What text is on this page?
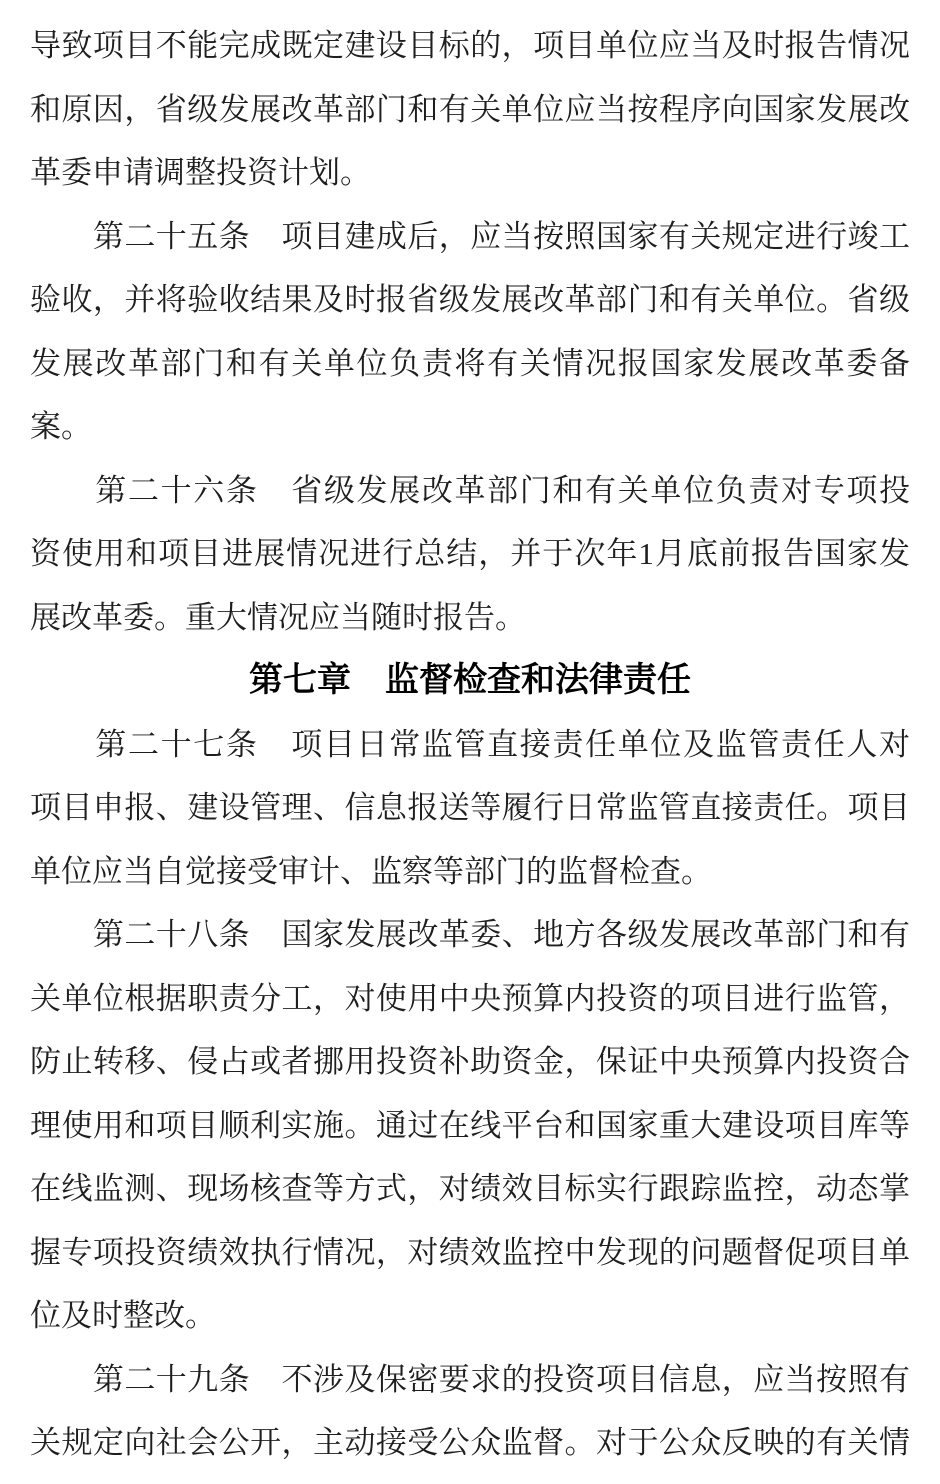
导致项目不能完成既定建设目标的，项目单位应当及时报告情况
和原因，省级发展改革部门和有关单位应当按程序向国家发展改
革委申请调整投资计划。
　　第二十五条　项目建成后，应当按照国家有关规定进行竣工
验收，并将验收结果及时报省级发展改革部门和有关单位。省级
发展改革部门和有关单位负责将有关情况报国家发展改革委备
案。
　　第二十六条　省级发展改革部门和有关单位负责对专项投
资使用和项目进展情况进行总结，并于次年1月底前报告国家发
展改革委。重大情况应当随时报告。
第七章　监督检查和法律责任
　　第二十七条　项目日常监管直接责任单位及监管责任人对
项目申报、建设管理、信息报送等履行日常监管直接责任。项目
单位应当自觉接受审计、监察等部门的监督检查。
　　第二十八条　国家发展改革委、地方各级发展改革部门和有
关单位根据职责分工，对使用中央预算内投资的项目进行监管，
防止转移、侵占或者挪用投资补助资金，保证中央预算内投资合
理使用和项目顺利实施。通过在线平台和国家重大建设项目库等
在线监测、现场核查等方式，对绩效目标实行跟踪监控，动态掌
握专项投资绩效执行情况，对绩效监控中发现的问题督促项目单
位及时整改。
　　第二十九条　不涉及保密要求的投资项目信息，应当按照有
关规定向社会公开，主动接受公众监督。对于公众反映的有关情
